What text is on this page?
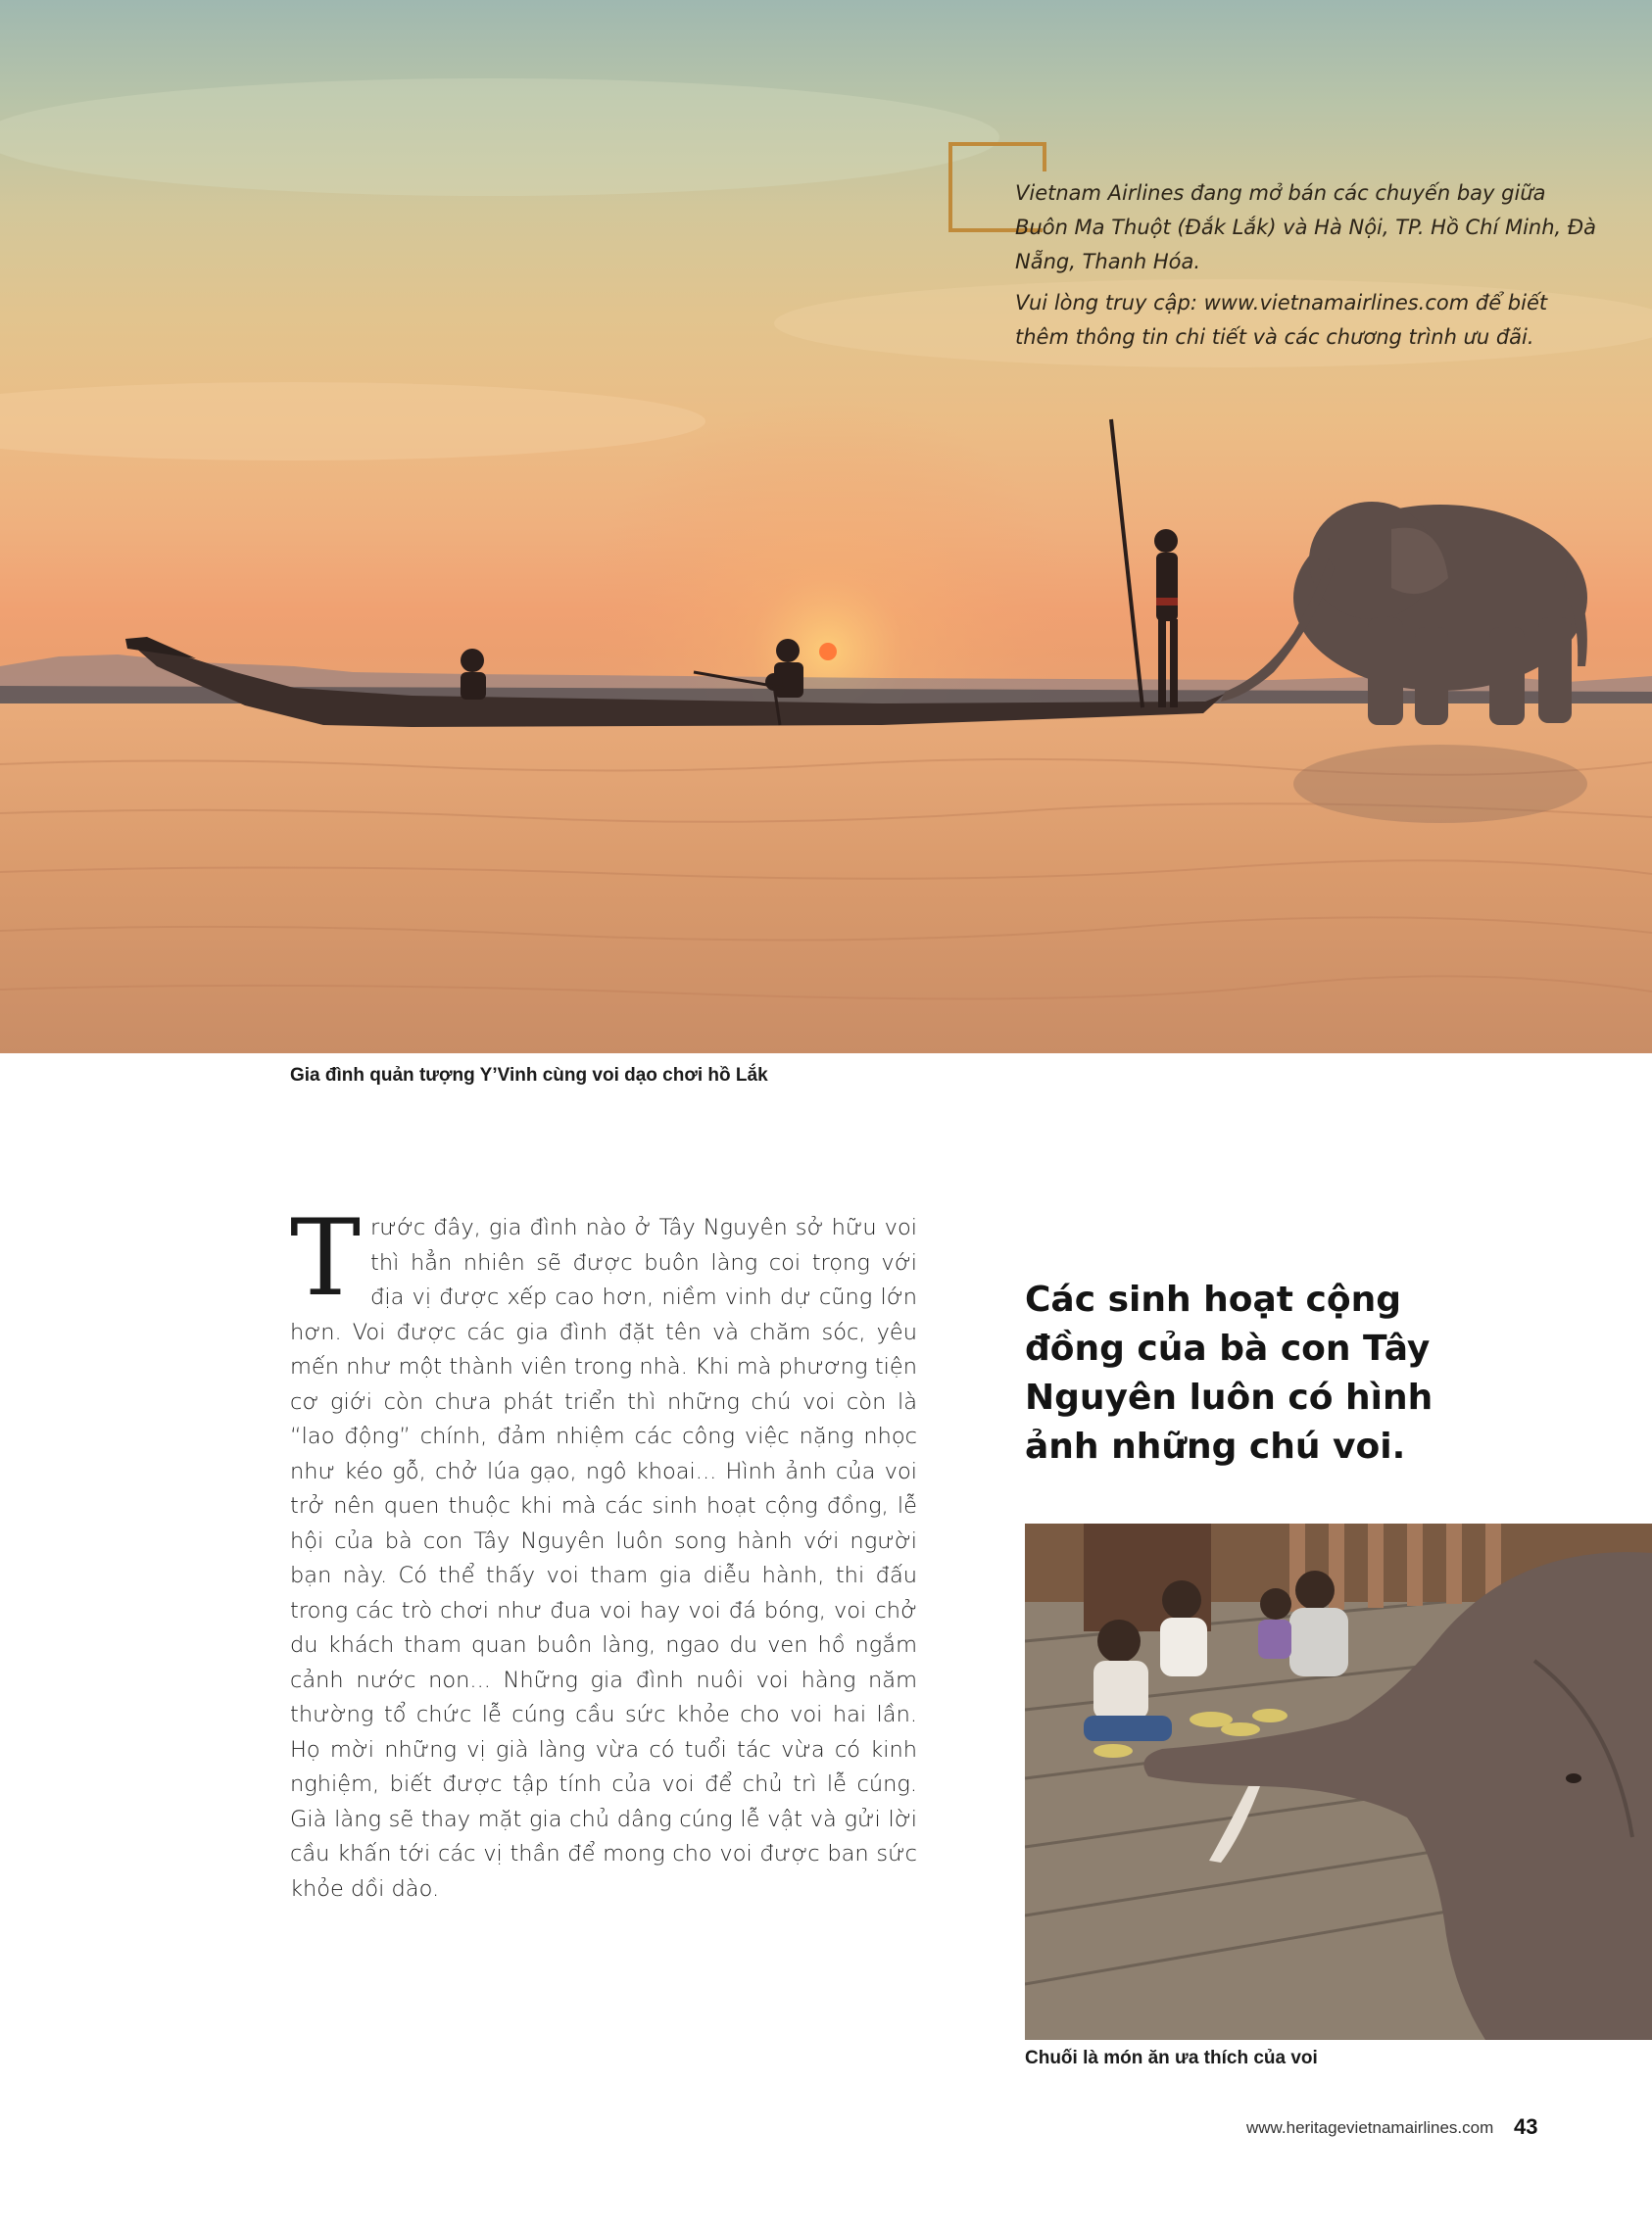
Vietnam Airlines đang mở bán các chuyến bay giữa Buôn Ma Thuột (Đắk Lắk) và Hà Nội, TP. Hồ Chí Minh, Đà Nẵng, Thanh Hóa.

Vui lòng truy cập: www.vietnamairlines.com để biết thêm thông tin chi tiết và các chương trình ưu đãi.

Gia đình quản tượng Y’Vinh cùng voi dạo chơi hồ Lắk
T rước đây, gia đình nào ở Tây Nguyên sở hữu voi thì hẳn nhiên sẽ được buôn làng coi trọng với địa vị được xếp cao hơn, niềm vinh dự cũng lớn hơn. Voi được các gia đình đặt tên và chăm sóc, yêu mến như một thành viên trong nhà. Khi mà phương tiện cơ giới còn chưa phát triển thì những chú voi còn là “lao động” chính, đảm nhiệm các công việc nặng nhọc như kéo gỗ, chở lúa gạo, ngô khoai... Hình ảnh của voi trở nên quen thuộc khi mà các sinh hoạt cộng đồng, lễ hội của bà con Tây Nguyên luôn song hành với người bạn này. Có thể thấy voi tham gia diễu hành, thi đấu trong các trò chơi như đua voi hay voi đá bóng, voi chở du khách tham quan buôn làng, ngao du ven hồ ngắm cảnh nước non... Những gia đình nuôi voi hàng năm thường tổ chức lễ cúng cầu sức khỏe cho voi hai lần. Họ mời những vị già làng vừa có tuổi tác vừa có kinh nghiệm, biết được tập tính của voi để chủ trì lễ cúng. Già làng sẽ thay mặt gia chủ dâng cúng lễ vật và gửi lời cầu khấn tới các vị thần để mong cho voi được ban sức khỏe dồi dào.
Các sinh hoạt cộng đồng của bà con Tây Nguyên luôn có hình ảnh những chú voi.
Chuối là món ăn ưa thích của voi
www.heritagevietnamairlines.com 43
